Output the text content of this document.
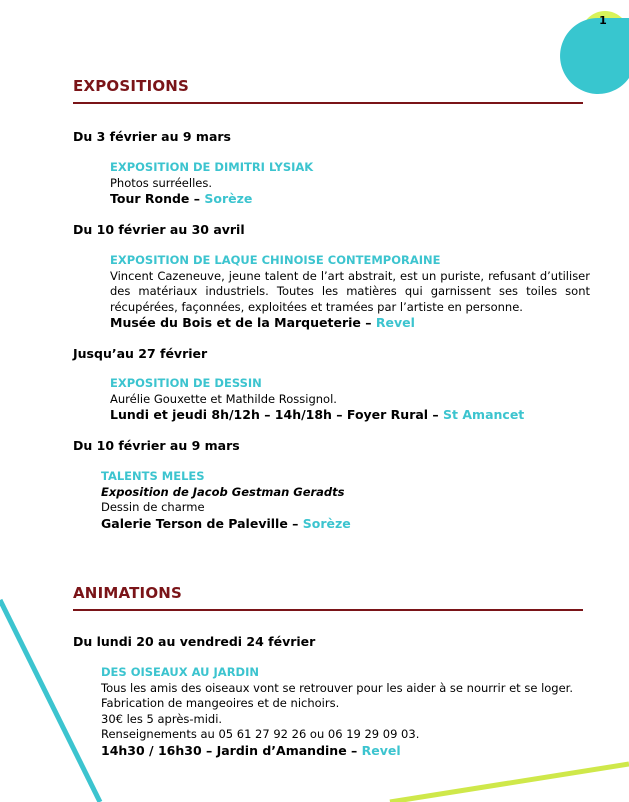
1
EXPOSITIONS
Du 3 février au 9 mars
EXPOSITION DE DIMITRI LYSIAK
Photos surréelles.
Tour Ronde – Sorèze
Du 10 février au 30 avril
EXPOSITION DE LAQUE CHINOISE CONTEMPORAINE
Vincent Cazeneuve, jeune talent de l’art abstrait, est un puriste, refusant d’utiliser des matériaux industriels. Toutes les matières qui garnissent ses toiles sont récupérées, façonnées, exploitées et tramées par l’artiste en personne.
Musée du Bois et de la Marqueterie – Revel
Jusqu’au 27 février
EXPOSITION DE DESSIN
Aurélie Gouxette et Mathilde Rossignol.
Lundi et jeudi 8h/12h – 14h/18h – Foyer Rural – St Amancet
Du 10 février au 9 mars
TALENTS MELES
Exposition de Jacob Gestman Geradts
Dessin de charme
Galerie Terson de Paleville – Sorèze
ANIMATIONS
Du lundi 20 au vendredi 24 février
DES OISEAUX AU JARDIN
Tous les amis des oiseaux vont se retrouver pour les aider à se nourrir et se loger.
Fabrication de mangeoires et de nichoirs.
30€ les 5 après-midi.
Renseignements au 05 61 27 92 26 ou 06 19 29 09 03.
14h30 / 16h30 – Jardin d’Amandine – Revel
